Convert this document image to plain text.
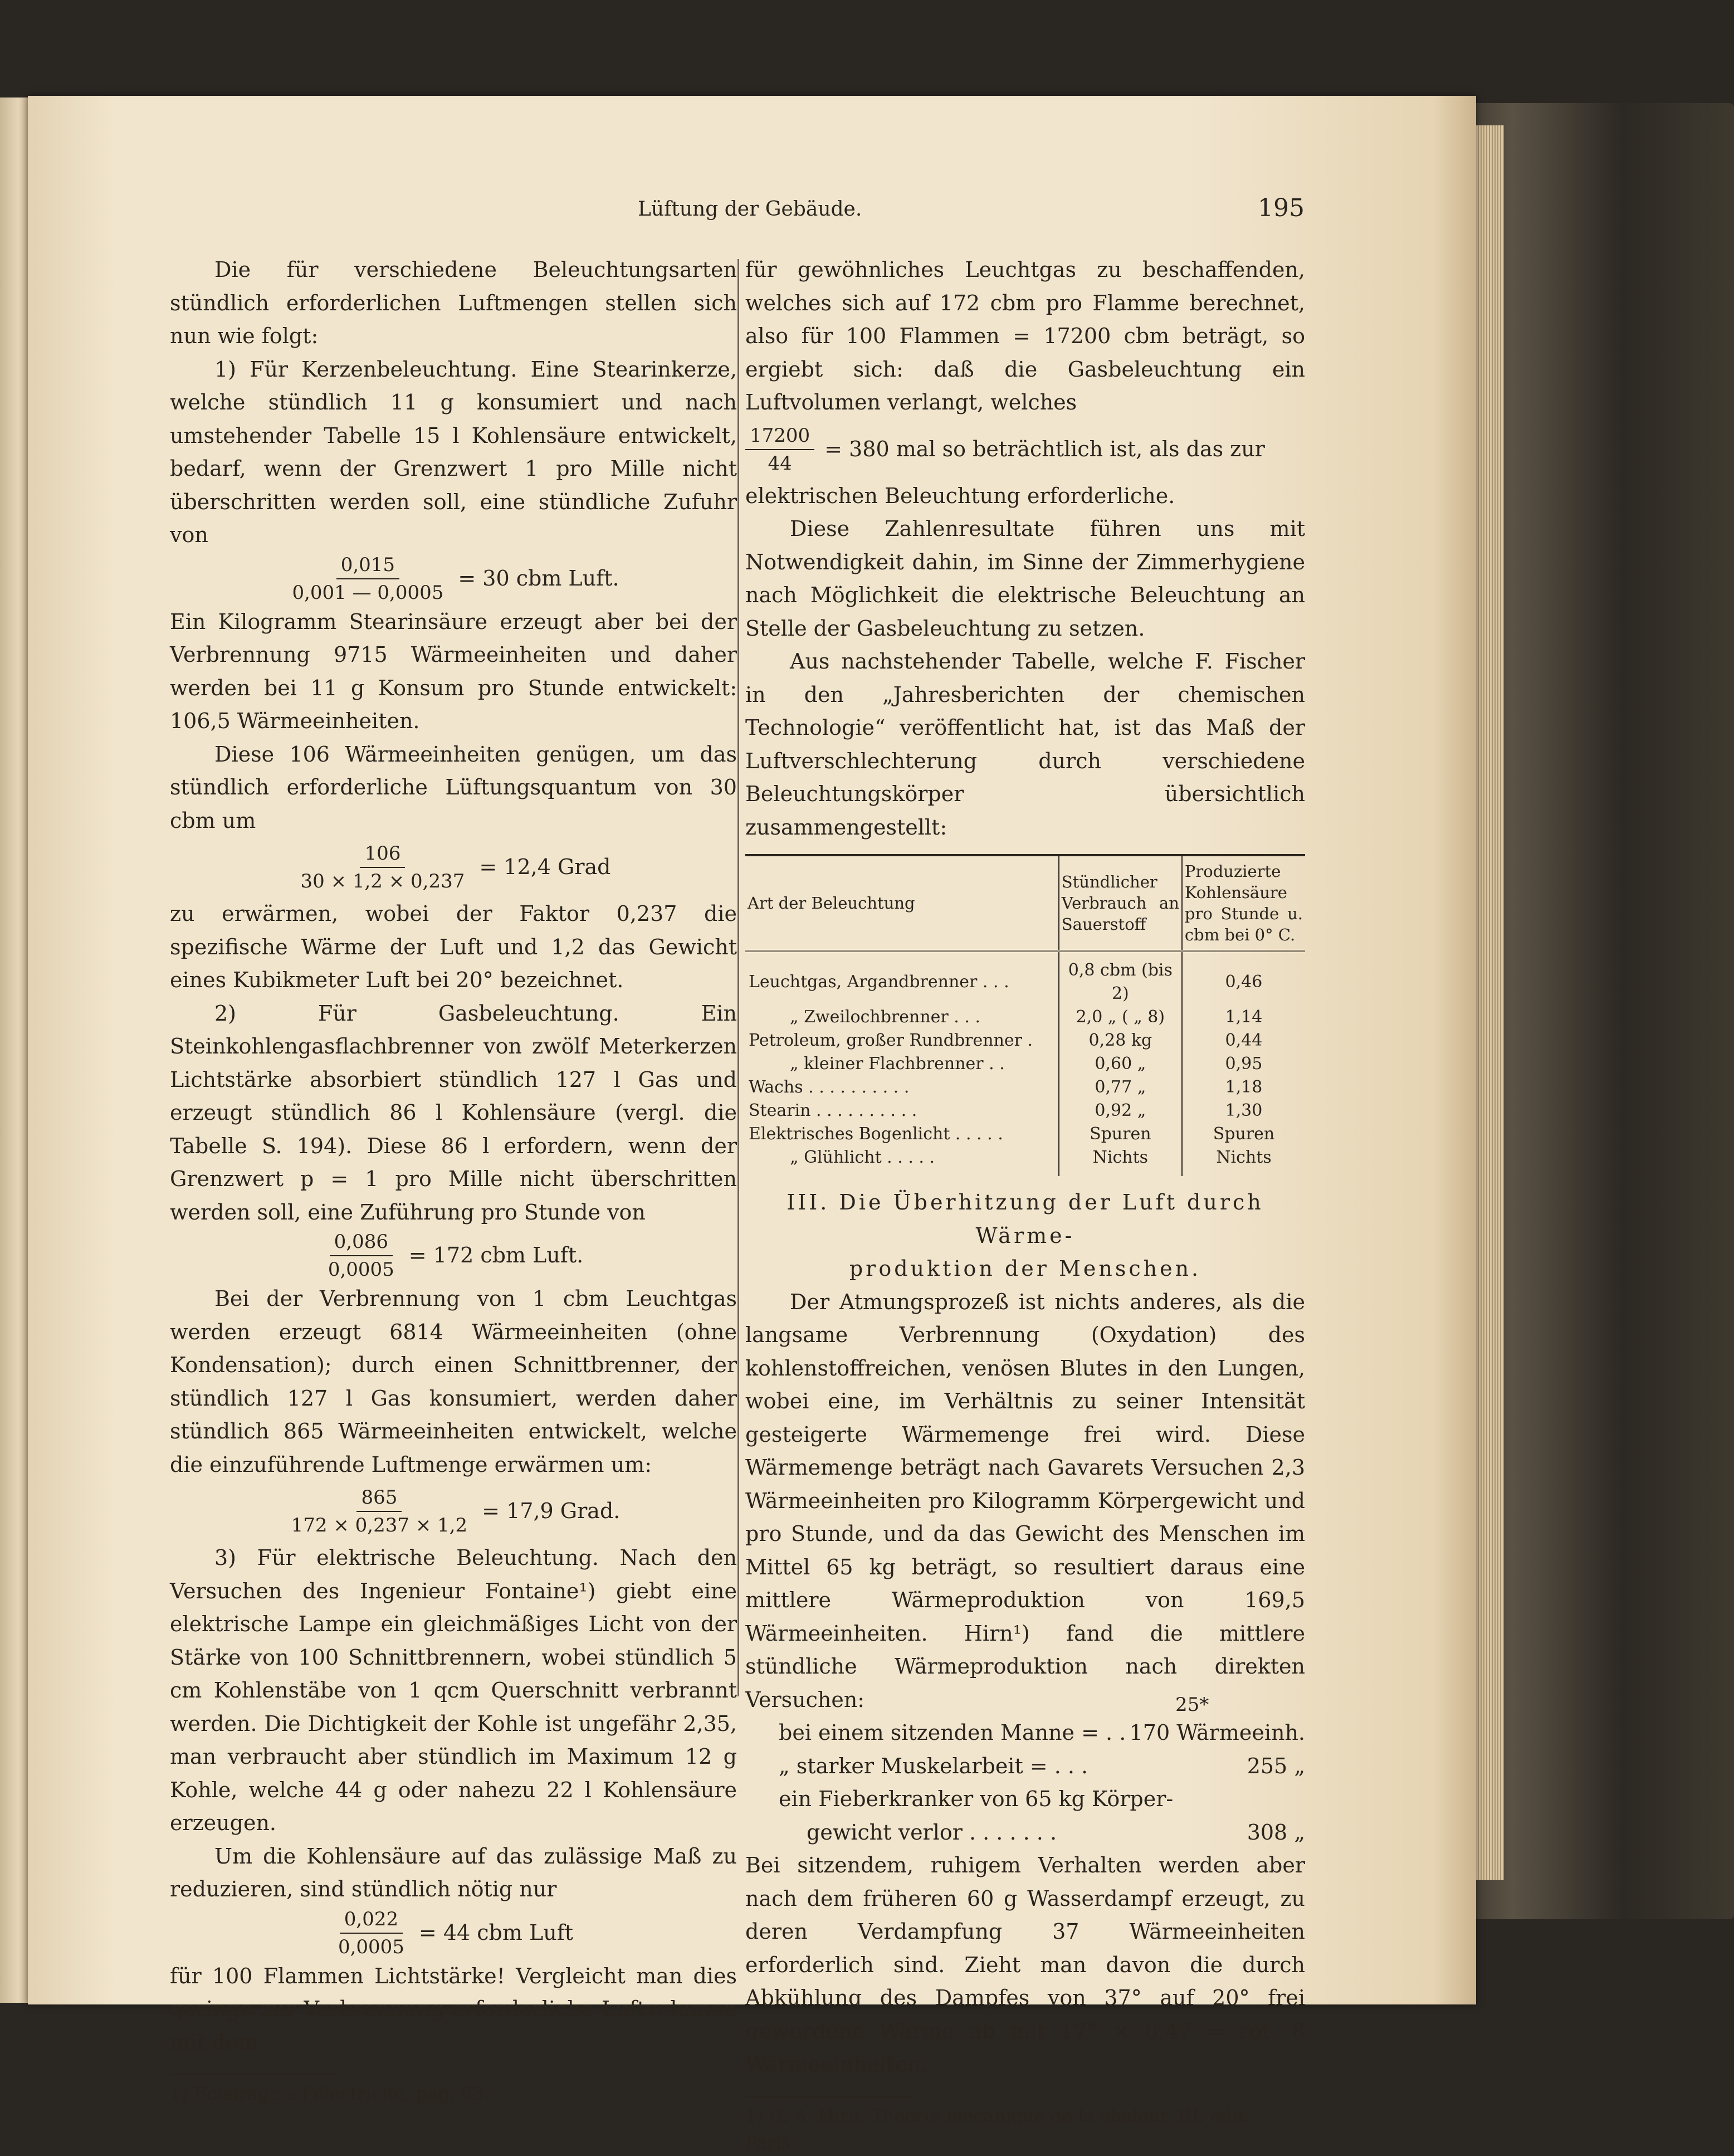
Lüftung der Gebäude.	195

Die für verschiedene Beleuchtungsarten stündlich erforderlichen Luftmengen stellen sich nun wie folgt:

1) Für Kerzenbeleuchtung. Eine Stearinkerze, welche stündlich 11 g konsumiert und nach umstehender Tabelle 15 l Kohlensäure entwickelt, bedarf, wenn der Grenzwert 1 pro Mille nicht überschritten werden soll, eine stündliche Zufuhr von

$\frac{0,015}{0,001 — 0,0005} = 30$ cbm Luft.

Ein Kilogramm Stearinsäure erzeugt aber bei der Verbrennung 9715 Wärmeeinheiten und daher werden bei 11 g Konsum pro Stunde entwickelt: 106,5 Wärmeeinheiten.

Diese 106 Wärmeeinheiten genügen, um das stündlich erforderliche Lüftungsquantum von 30 cbm um

$\frac{106}{30 \times 1,2 \times 0,237} = 12,4$ Grad

zu erwärmen, wobei der Faktor 0,237 die spezifische Wärme der Luft und 1,2 das Gewicht eines Kubikmeter Luft bei 20° bezeichnet.

2) Für Gasbeleuchtung. Ein Steinkohlengasflachbrenner von zwölf Meterkerzen Lichtstärke absorbiert stündlich 127 l Gas und erzeugt stündlich 86 l Kohlensäure (vergl. die Tabelle S. 194). Diese 86 l erfordern, wenn der Grenzwert p = 1 pro Mille nicht überschritten werden soll, eine Zuführung pro Stunde von

$\frac{0,086}{0,0005} = 172$ cbm Luft.

Bei der Verbrennung von 1 cbm Leuchtgas werden erzeugt 6814 Wärmeeinheiten (ohne Kondensation); durch einen Schnittbrenner, der stündlich 127 l Gas konsumiert, werden daher stündlich 865 Wärmeeinheiten entwickelt, welche die einzuführende Luftmenge erwärmen um:

$\frac{865}{172 \times 0,237 \times 1,2} = 17,9$ Grad.

3) Für elektrische Beleuchtung. Nach den Versuchen des Ingenieur Fontaine¹) giebt eine elektrische Lampe ein gleichmäßiges Licht von der Stärke von 100 Schnittbrennern, wobei stündlich 5 cm Kohlenstäbe von 1 qcm Querschnitt verbrannt werden. Die Dichtigkeit der Kohle ist ungefähr 2,35, man verbraucht aber stündlich im Maximum 12 g Kohle, welche 44 g oder nahezu 22 l Kohlensäure erzeugen.

Um die Kohlensäure auf das zulässige Maß zu reduzieren, sind stündlich nötig nur

$\frac{0,022}{0,0005} = 44$ cbm Luft

für 100 Flammen Lichtstärke! Vergleicht man dies geringe zur Verbrennung erforderliche Luftvolumen mit dem

1) Eclairage à l’électricité, pag. 63.

für gewöhnliches Leuchtgas zu beschaffenden, welches sich auf 172 cbm pro Flamme berechnet, also für 100 Flammen = 17200 cbm beträgt, so ergiebt sich: daß die Gasbeleuchtung ein Luftvolumen verlangt, welches

$\frac{17200}{44} = 380$ mal so beträchtlich ist, als das zur

elektrischen Beleuchtung erforderliche.

Diese Zahlenresultate führen uns mit Notwendigkeit dahin, im Sinne der Zimmerhygiene nach Möglichkeit die elektrische Beleuchtung an Stelle der Gasbeleuchtung zu setzen.

Aus nachstehender Tabelle, welche F. Fischer in den „Jahresberichten der chemischen Technologie“ veröffentlicht hat, ist das Maß der Luftverschlechterung durch verschiedene Beleuchtungskörper übersichtlich zusammengestellt:

Art der Beleuchtung	Stündlicher Verbrauch an Sauerstoff	Produzierte Kohlensäure pro Stunde u. cbm bei 0° C.
Leuchtgas, Argandbrenner . . .	0,8 cbm (bis 2)	0,46
„ Zweilochbrenner . . .	2,0 „ ( „ 8)	1,14
Petroleum, großer Rundbrenner .	0,28 kg	0,44
„ kleiner Flachbrenner . .	0,60 „	0,95
Wachs . . . . . . . . . .	0,77 „	1,18
Stearin . . . . . . . . . .	0,92 „	1,30
Elektrisches Bogenlicht . . . . .	Spuren	Spuren
„ Glühlicht . . . . .	Nichts	Nichts

III. Die Überhitzung der Luft durch Wärme-

produktion der Menschen.

Der Atmungsprozeß ist nichts anderes, als die langsame Verbrennung (Oxydation) des kohlenstoffreichen, venösen Blutes in den Lungen, wobei eine, im Verhältnis zu seiner Intensität gesteigerte Wärmemenge frei wird. Diese Wärmemenge beträgt nach Gavarets Versuchen 2,3 Wärmeeinheiten pro Kilogramm Körpergewicht und pro Stunde, und da das Gewicht des Menschen im Mittel 65 kg beträgt, so resultiert daraus eine mittlere Wärmeproduktion von 169,5 Wärmeeinheiten. Hirn¹) fand die mittlere stündliche Wärmeproduktion nach direkten Versuchen:

bei einem sitzenden Manne = . . 170 Wärmeeinh.
„ starker Muskelarbeit = . . .	255 „
ein Fieberkranker von 65 kg Körper-
gewicht verlor . . . . . . .	308 „

Bei sitzendem, ruhigem Verhalten werden aber nach dem früheren 60 g Wasserdampf erzeugt, zu deren Verdampfung 37 Wärmeeinheiten erforderlich sind. Zieht man davon die durch Abkühlung des Dampfes von 37° auf 20° frei gewordene Wärme ab mit 17° × 0,47 = rot. 8 Wärmeeinheiten,

1) G. A. Hirn, Théorie mécanique de la chaleur, III. édit. Paris.

25*
